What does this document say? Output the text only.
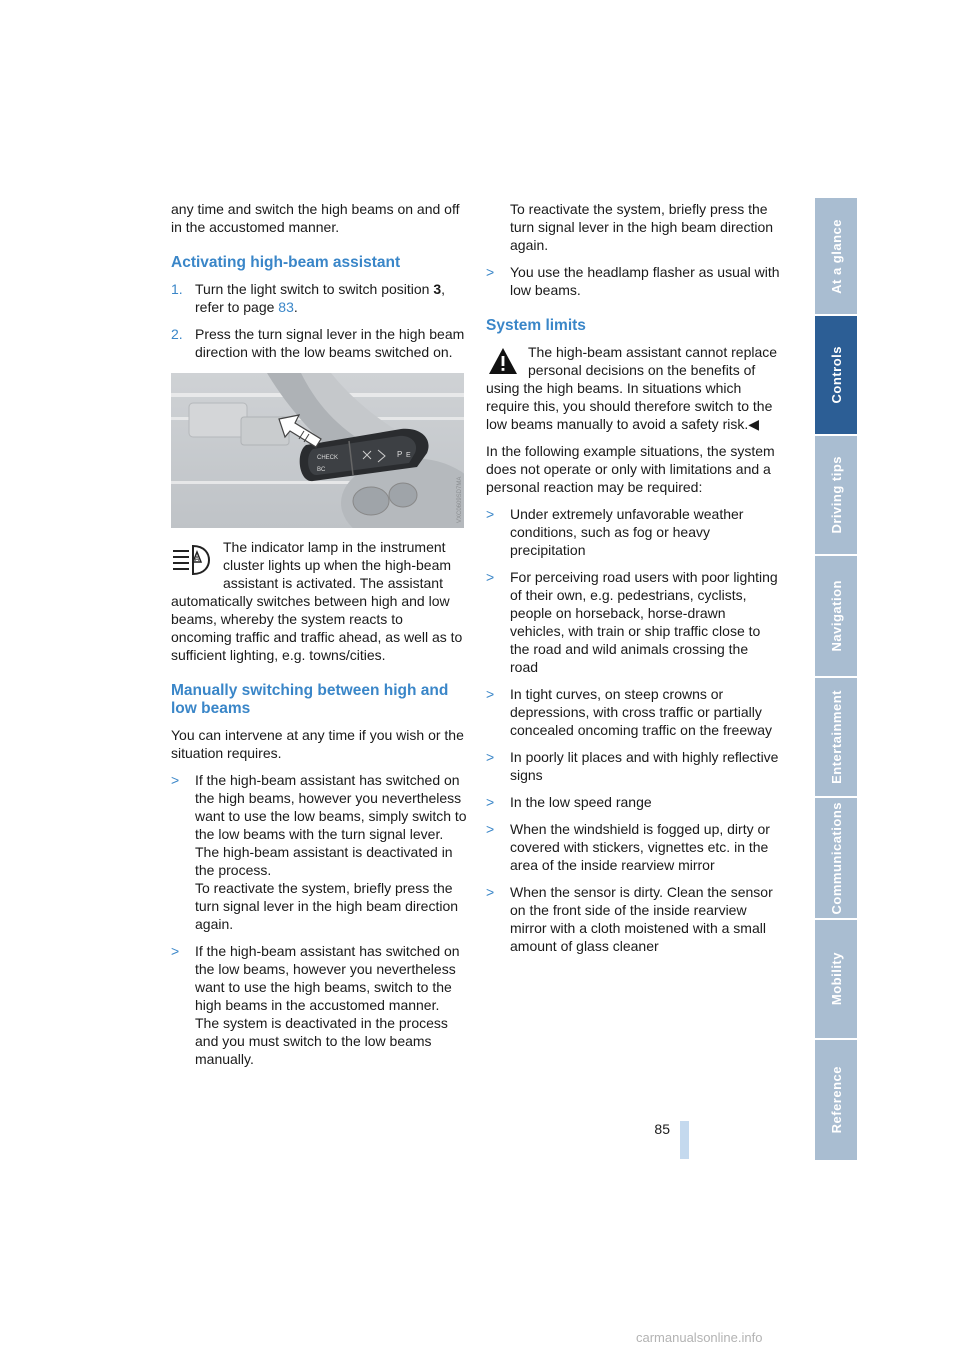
any time and switch the high beams on and off in the accustomed manner.

Activating high-beam assistant
1. Turn the light switch to switch position 3,
refer to page 83.
2. Press the turn signal lever in the high beam direction with the low beams switched on.
CHECK
BC
P E
VXC0609SD7MA
A

The indicator lamp in the instrument cluster lights up when the high-beam assistant is activated. The assistant automatically switches between high and low beams, whereby the system reacts to oncoming traffic and traffic ahead, as well as to sufficient lighting, e.g. towns/cities.

Manually switching between high and low beams

You can intervene at any time if you wish or the situation requires.

> If the high-beam assistant has switched on the high beams, however you nevertheless want to use the low beams, simply switch to the low beams with the turn signal lever. The high-beam assistant is deactivated in the process.
To reactivate the system, briefly press the turn signal lever in the high beam direction again.
> If the high-beam assistant has switched on the low beams, however you nevertheless want to use the high beams, switch to the high beams in the accustomed manner. The system is deactivated in the process and you must switch to the low beams manually.

To reactivate the system, briefly press the turn signal lever in the high beam direction again.

> You use the headlamp flasher as usual with low beams.
System limits

The high-beam assistant cannot replace personal decisions on the benefits of using the high beams. In situations which require this, you should therefore switch to the low beams manually to avoid a safety risk.◀

In the following example situations, the system does not operate or only with limitations and a personal reaction may be required:

> Under extremely unfavorable weather conditions, such as fog or heavy precipitation
> For perceiving road users with poor lighting of their own, e.g. pedestrians, cyclists, people on horseback, horse-drawn vehicles, with train or ship traffic close to the road and wild animals crossing the road
> In tight curves, on steep crowns or depressions, with cross traffic or partially concealed oncoming traffic on the freeway
> In poorly lit places and with highly reflective signs
> In the low speed range
> When the windshield is fogged up, dirty or covered with stickers, vignettes etc. in the area of the inside rearview mirror
> When the sensor is dirty. Clean the sensor on the front side of the inside rearview mirror with a cloth moistened with a small amount of glass cleaner
At a glance
Controls
Driving tips
Navigation
Entertainment
Communications
Mobility
Reference
85
carmanualsonline.info
